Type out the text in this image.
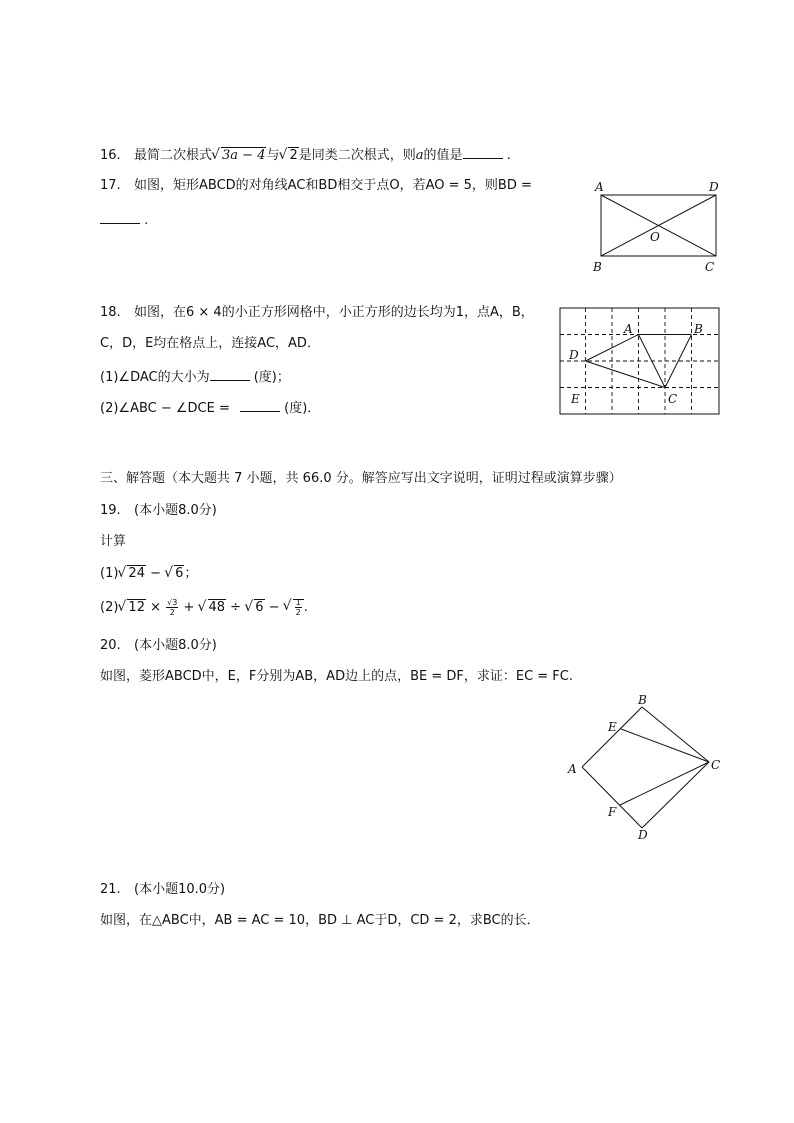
16. 最简二次根式 √ 3a − 4与 √ 2是同类二次根式，则a的值是	.
17. 如图，矩形ABCD的对角线AC和BD相交于点O，若AO = 5，则BD =
.
A	D
O
B	C
18. 如图，在6 × 4的小正方形网格中，小正方形的边长均为1，点A，B，
C，D，E均在格点上，连接AC，AD．
(1)∠DAC的大小为	(度)；
(2)∠ABC − ∠DCE =	(度)．
A	B
D
E	C
三、解答题（本大题共 7 小题，共 66.0 分。解答应写出文字说明，证明过程或演算步骤）
19. (本小题8.0分)
计算
(1) √ 24 − √ 6；
(2) √ $12 \times \frac{√3}{2}$ + √ 48 ÷ √ 6 − √ $\frac{1}{2}$ .
20. (本小题8.0分)
如图，菱形ABCD中，E，F分别为AB，AD边上的点，BE = DF，求证：EC = FC.
B
E
A	C
F
D
21. (本小题10.0分)
如图，在△ABC中，AB = AC = 10，BD ⊥ AC于D，CD = 2，求BC的长．
